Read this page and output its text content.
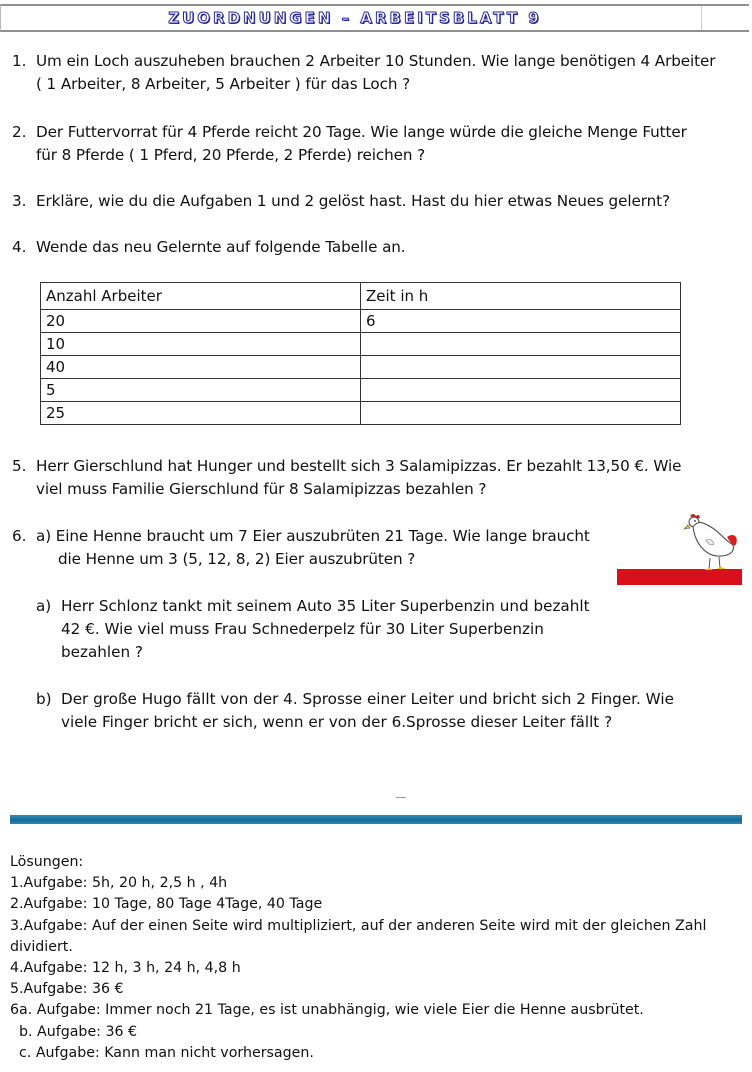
ZUORDNUNGEN – ARBEITSBLATT 9
1. Um ein Loch auszuheben brauchen 2 Arbeiter 10 Stunden. Wie lange benötigen 4 Arbeiter
( 1 Arbeiter, 8 Arbeiter, 5 Arbeiter ) für das Loch ?
2. Der Futtervorrat für 4 Pferde reicht 20 Tage. Wie lange würde die gleiche Menge Futter
für 8 Pferde ( 1 Pferd, 20 Pferde, 2 Pferde) reichen ?
3. Erkläre, wie du die Aufgaben 1 und 2 gelöst hast. Hast du hier etwas Neues gelernt?
4. Wende das neu Gelernte auf folgende Tabelle an.
Anzahl Arbeiter	Zeit in h
20	6
10	
40	
5	
25	
5. Herr Gierschlund hat Hunger und bestellt sich 3 Salamipizzas. Er bezahlt 13,50 €. Wie
viel muss Familie Gierschlund für 8 Salamipizzas bezahlen ?
6. a) Eine Henne braucht um 7 Eier auszubrüten 21 Tage. Wie lange braucht
die Henne um 3 (5, 12, 8, 2) Eier auszubrüten ?
a) Herr Schlonz tankt mit seinem Auto 35 Liter Superbenzin und bezahlt
42 €. Wie viel muss Frau Schnederpelz für 30 Liter Superbenzin
bezahlen ?
b) Der große Hugo fällt von der 4. Sprosse einer Leiter und bricht sich 2 Finger. Wie
viele Finger bricht er sich, wenn er von der 6.Sprosse dieser Leiter fällt ?
Lösungen:
1.Aufgabe: 5h, 20 h, 2,5 h , 4h
2.Aufgabe: 10 Tage, 80 Tage 4Tage, 40 Tage
3.Aufgabe: Auf der einen Seite wird multipliziert, auf der anderen Seite wird mit der gleichen Zahl
dividiert.
4.Aufgabe: 12 h, 3 h, 24 h, 4,8 h
5.Aufgabe: 36 €
6a. Aufgabe: Immer noch 21 Tage, es ist unabhängig, wie viele Eier die Henne ausbrütet.
b. Aufgabe: 36 €
c. Aufgabe: Kann man nicht vorhersagen.
